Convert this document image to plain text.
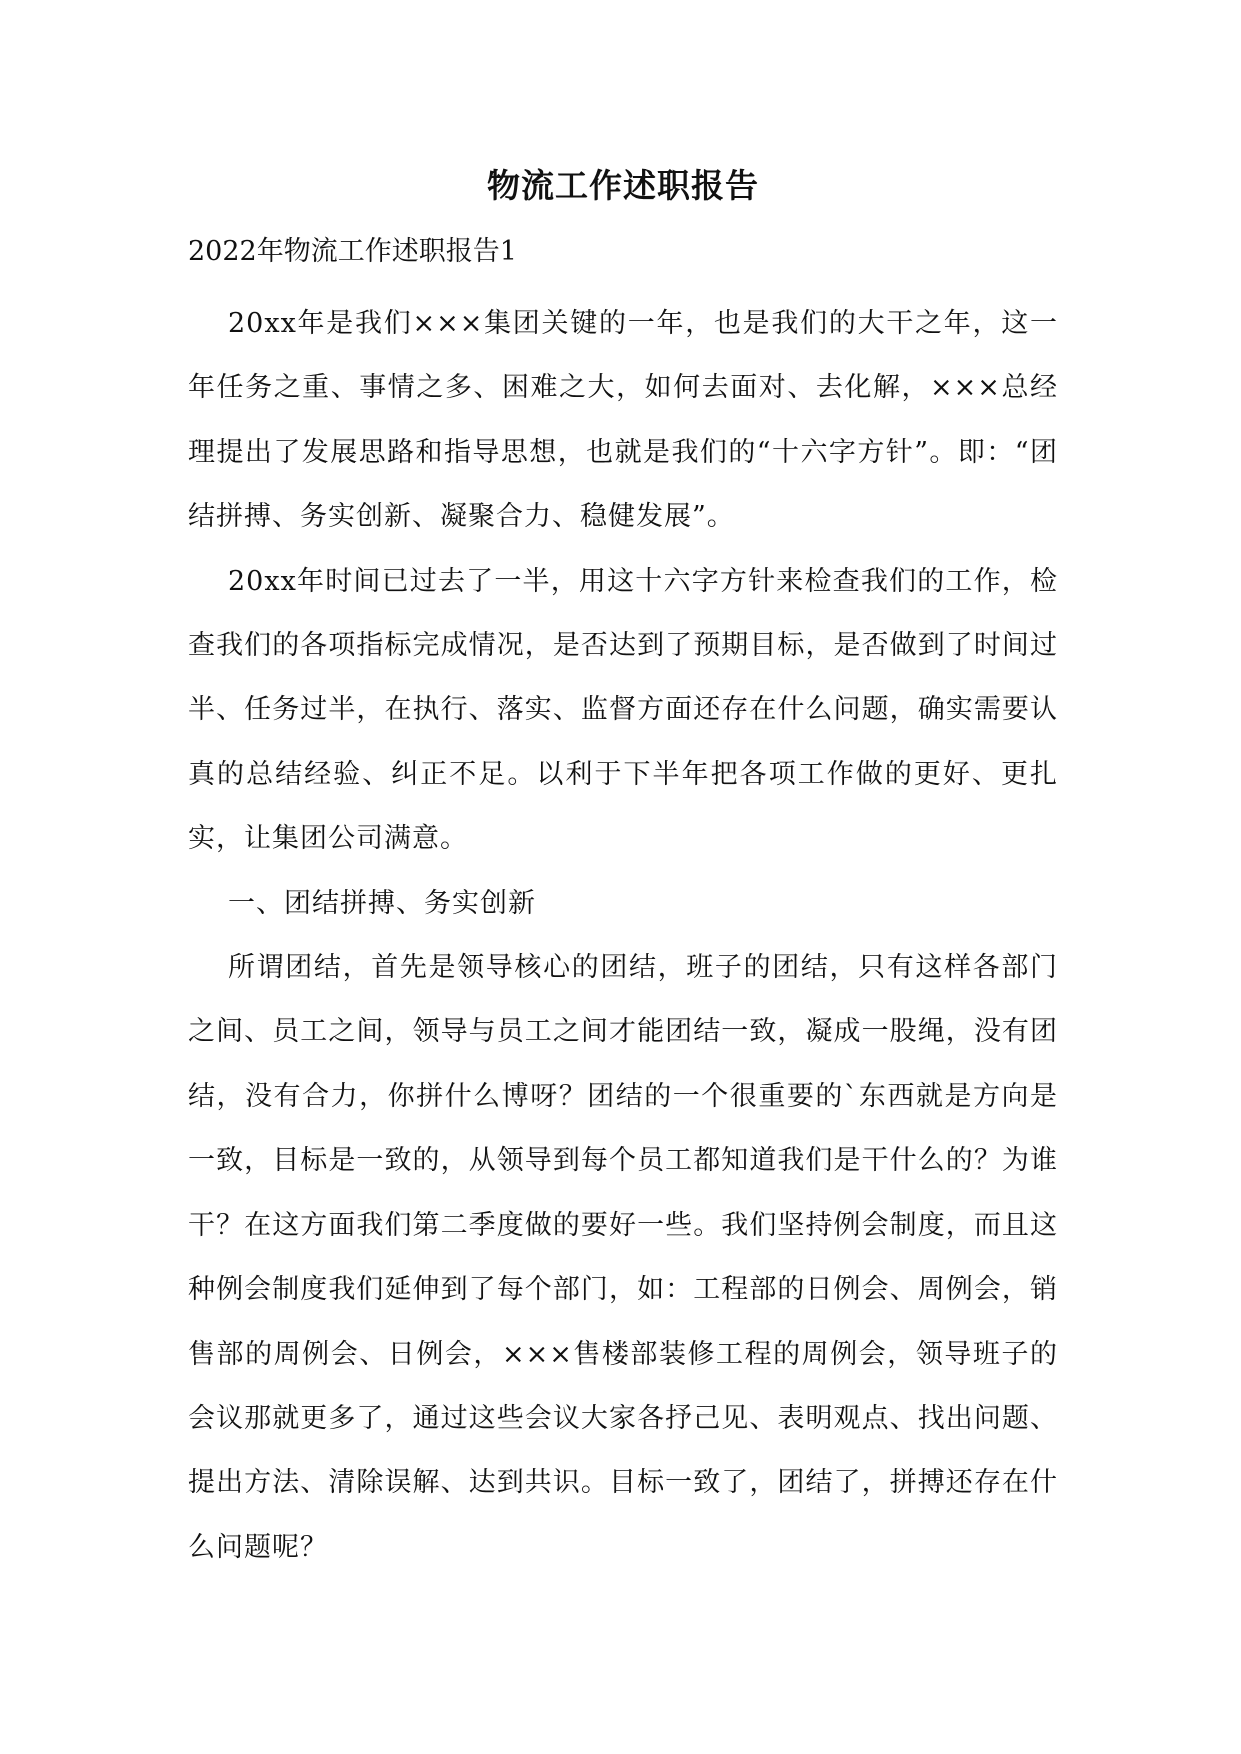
物流工作述职报告

2022年物流工作述职报告1

20xx年是我们×××集团关键的一年，也是我们的大干之年，这一年任务之重、事情之多、困难之大，如何去面对、去化解，×××总经理提出了发展思路和指导思想，也就是我们的“十六字方针”。即：“团结拼搏、务实创新、凝聚合力、稳健发展”。

20xx年时间已过去了一半，用这十六字方针来检查我们的工作，检查我们的各项指标完成情况，是否达到了预期目标，是否做到了时间过半、任务过半，在执行、落实、监督方面还存在什么问题，确实需要认真的总结经验、纠正不足。以利于下半年把各项工作做的更好、更扎实，让集团公司满意。

一、团结拼搏、务实创新

所谓团结，首先是领导核心的团结，班子的团结，只有这样各部门之间、员工之间，领导与员工之间才能团结一致，凝成一股绳，没有团结，没有合力，你拼什么博呀？团结的一个很重要的`东西就是方向是一致，目标是一致的，从领导到每个员工都知道我们是干什么的？为谁干？在这方面我们第二季度做的要好一些。我们坚持例会制度，而且这种例会制度我们延伸到了每个部门，如：工程部的日例会、周例会，销售部的周例会、日例会，×××售楼部装修工程的周例会，领导班子的会议那就更多了，通过这些会议大家各抒己见、表明观点、找出问题、提出方法、清除误解、达到共识。目标一致了，团结了，拼搏还存在什么问题呢？
